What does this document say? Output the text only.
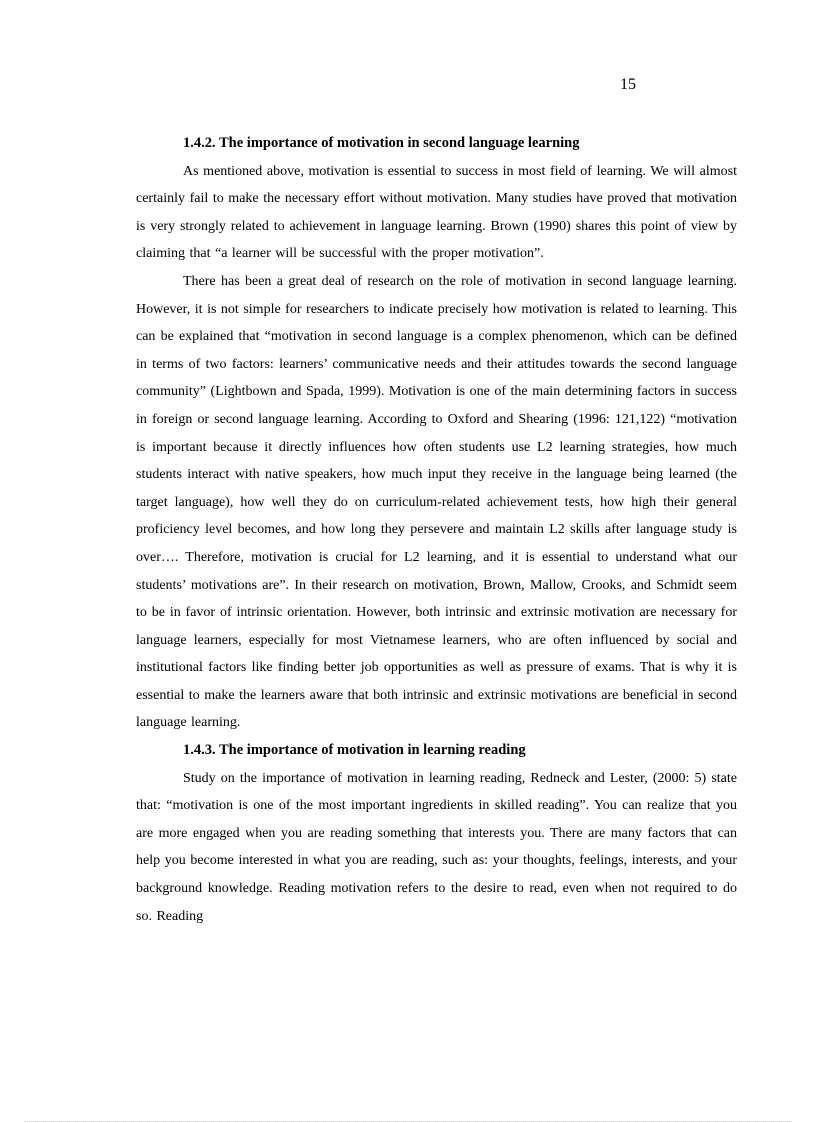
15
1.4.2. The importance of motivation in second language learning

As mentioned above, motivation is essential to success in most field of learning. We will almost certainly fail to make the necessary effort without motivation. Many studies have proved that motivation is very strongly related to achievement in language learning. Brown (1990) shares this point of view by claiming that “a learner will be successful with the proper motivation”.

There has been a great deal of research on the role of motivation in second language learning. However, it is not simple for researchers to indicate precisely how motivation is related to learning. This can be explained that “motivation in second language is a complex phenomenon, which can be defined in terms of two factors: learners’ communicative needs and their attitudes towards the second language community” (Lightbown and Spada, 1999). Motivation is one of the main determining factors in success in foreign or second language learning. According to Oxford and Shearing (1996: 121,122) “motivation is important because it directly influences how often students use L2 learning strategies, how much students interact with native speakers, how much input they receive in the language being learned (the target language), how well they do on curriculum-related achievement tests, how high their general proficiency level becomes, and how long they persevere and maintain L2 skills after language study is over…. Therefore, motivation is crucial for L2 learning, and it is essential to understand what our students’ motivations are”. In their research on motivation, Brown, Mallow, Crooks, and Schmidt seem to be in favor of intrinsic orientation. However, both intrinsic and extrinsic motivation are necessary for language learners, especially for most Vietnamese learners, who are often influenced by social and institutional factors like finding better job opportunities as well as pressure of exams. That is why it is essential to make the learners aware that both intrinsic and extrinsic motivations are beneficial in second language learning.

1.4.3. The importance of motivation in learning reading

Study on the importance of motivation in learning reading, Redneck and Lester, (2000: 5) state that: “motivation is one of the most important ingredients in skilled reading”. You can realize that you are more engaged when you are reading something that interests you. There are many factors that can help you become interested in what you are reading, such as: your thoughts, feelings, interests, and your background knowledge. Reading motivation refers to the desire to read, even when not required to do so. Reading
